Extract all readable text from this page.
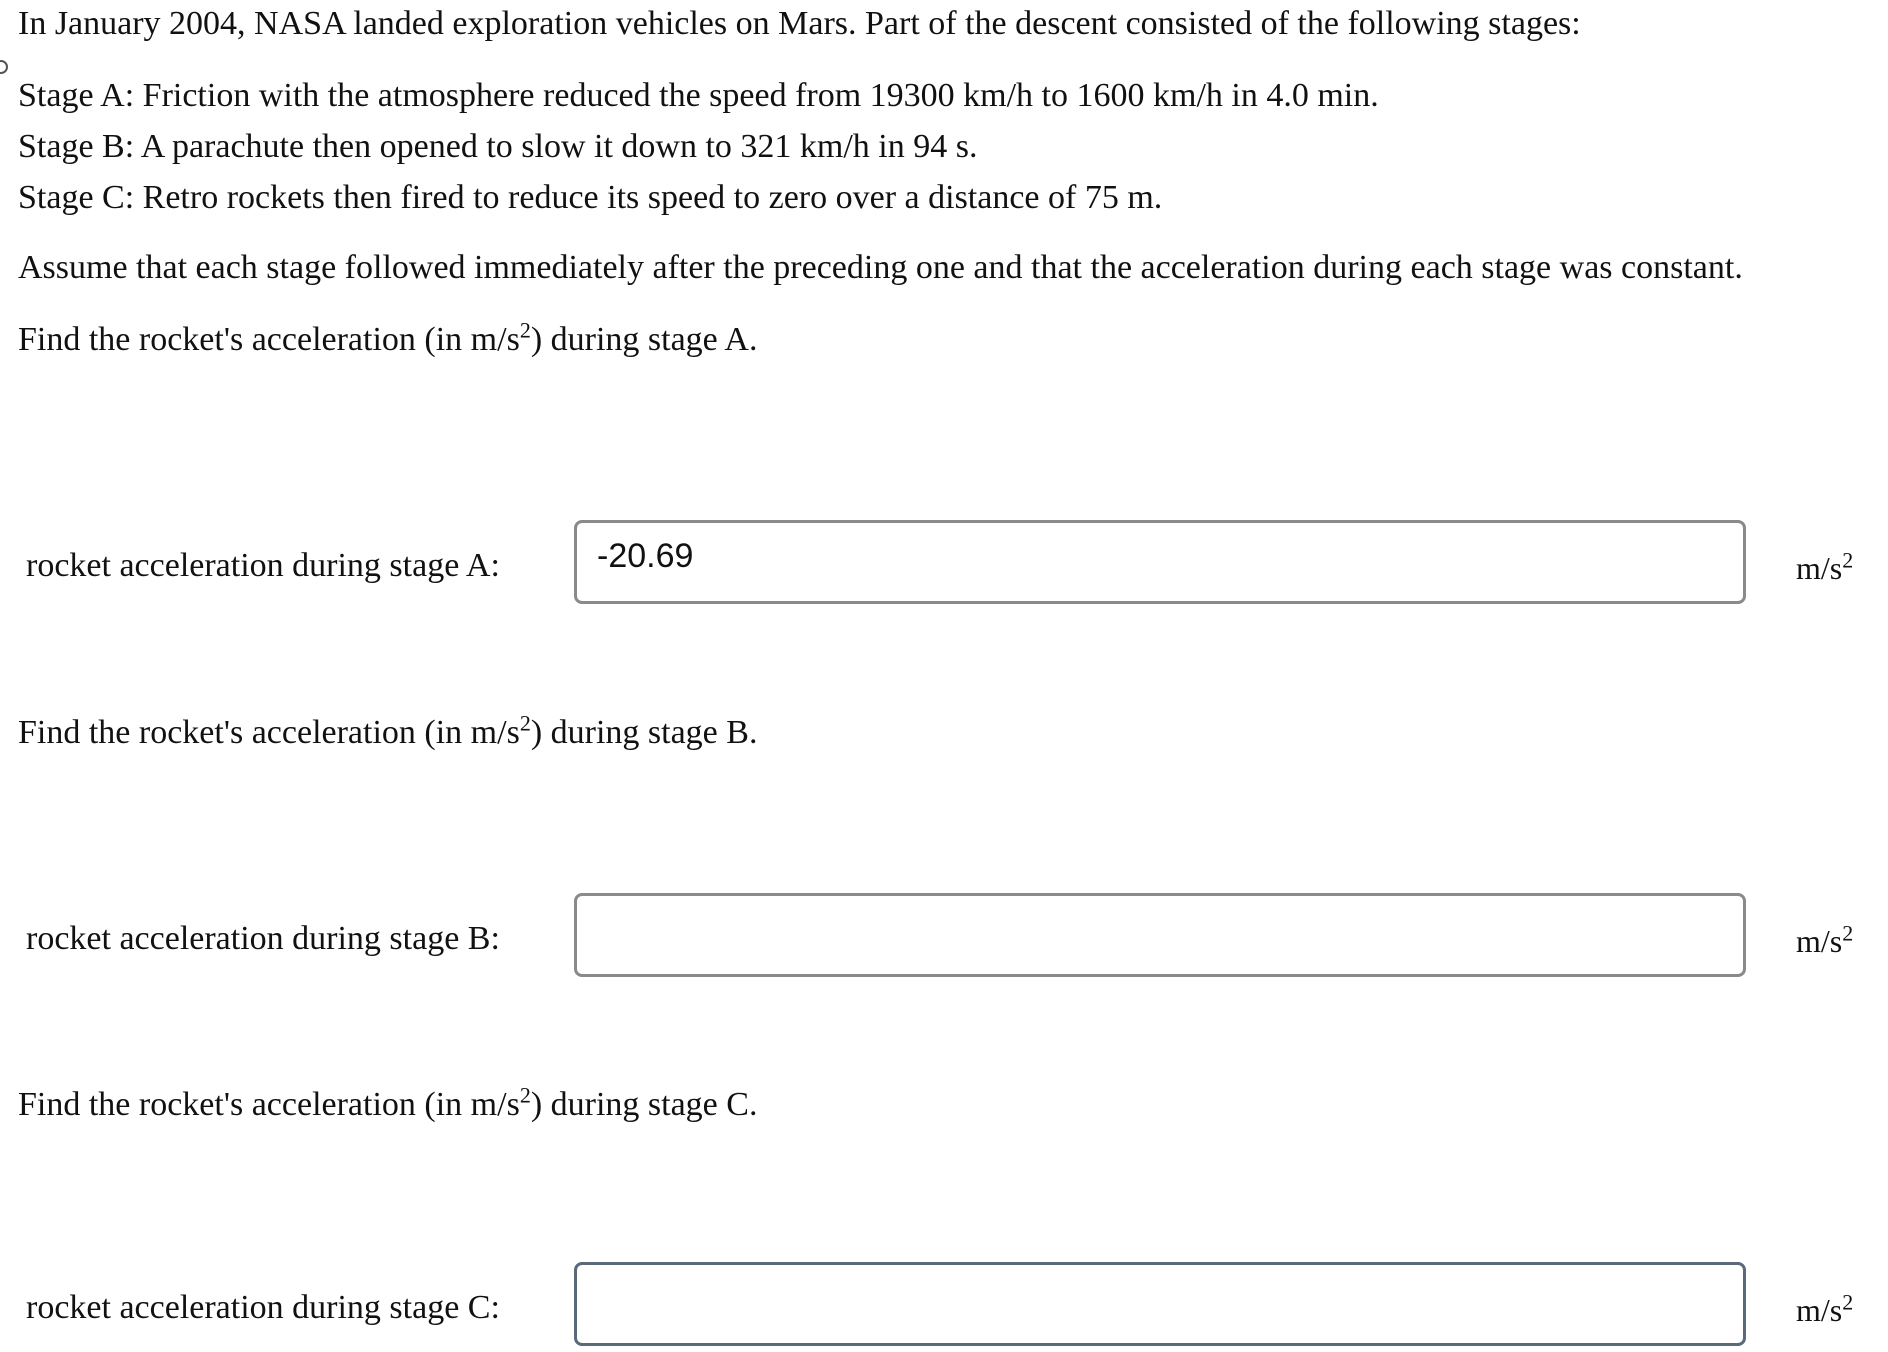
In January 2004, NASA landed exploration vehicles on Mars. Part of the descent consisted of the following stages:

Stage A: Friction with the atmosphere reduced the speed from 19300 km/h to 1600 km/h in 4.0 min.

Stage B: A parachute then opened to slow it down to 321 km/h in 94 s.

Stage C: Retro rockets then fired to reduce its speed to zero over a distance of 75 m.

Assume that each stage followed immediately after the preceding one and that the acceleration during each stage was constant.

Find the rocket's acceleration (in $m/s^2$) during stage A.

rocket acceleration during stage A:
-20.69	$m/s^2$

Find the rocket's acceleration (in $m/s^2$) during stage B.

rocket acceleration during stage B:	$m/s^2$

Find the rocket's acceleration (in $m/s^2$) during stage C.

rocket acceleration during stage C:	$m/s^2$
